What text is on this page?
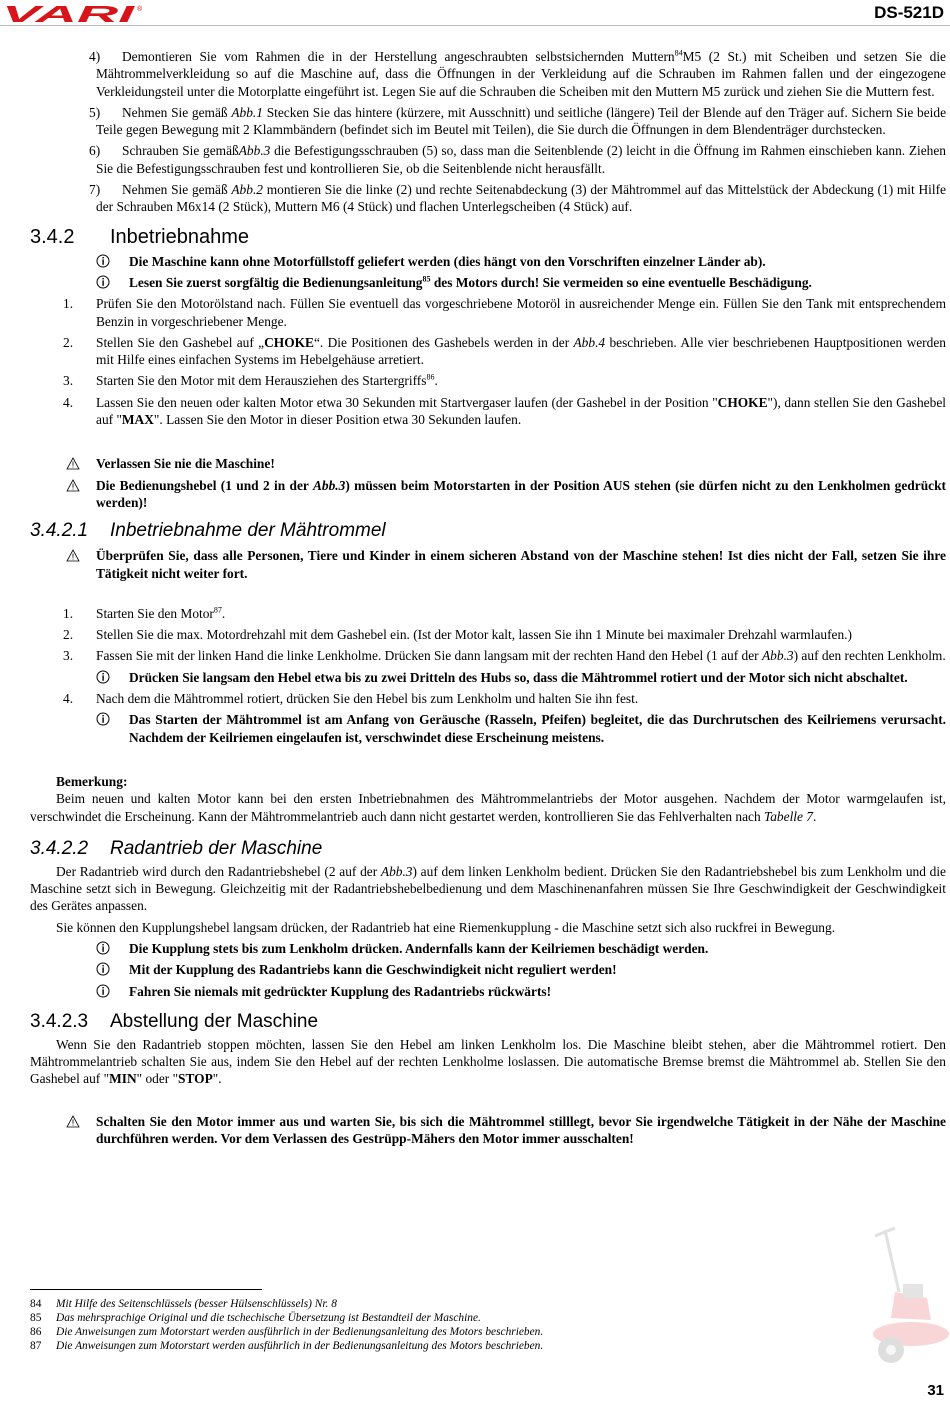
VARI ®	DS-521D
4) Demontieren Sie vom Rahmen die in der Herstellung angeschraubten selbstsichernden Muttern$^{84}$M5 (2 St.) mit Scheiben und setzen Sie die Mähtrommelverkleidung so auf die Maschine auf, dass die Öffnungen in der Verkleidung auf die Schrauben im Rahmen fallen und der eingezogene Verkleidungsteil unter die Motorplatte eingeführt ist. Legen Sie auf die Schrauben die Scheiben mit den Muttern M5 zurück und ziehen Sie die Muttern fest.
5) Nehmen Sie gemäß Abb.1 Stecken Sie das hintere (kürzere, mit Ausschnitt) und seitliche (längere) Teil der Blende auf den Träger auf. Sichern Sie beide Teile gegen Bewegung mit 2 Klammbändern (befindet sich im Beutel mit Teilen), die Sie durch die Öffnungen in dem Blendenträger durchstecken.
6) Schrauben Sie gemäßAbb.3 die Befestigungsschrauben (5) so, dass man die Seitenblende (2) leicht in die Öffnung im Rahmen einschieben kann. Ziehen Sie die Befestigungsschrauben fest und kontrollieren Sie, ob die Seitenblende nicht herausfällt.
7) Nehmen Sie gemäß Abb.2 montieren Sie die linke (2) und rechte Seitenabdeckung (3) der Mähtrommel auf das Mittelstück der Abdeckung (1) mit Hilfe der Schrauben M6x14 (2 Stück), Muttern M6 (4 Stück) und flachen Unterlegscheiben (4 Stück) auf.
3.4.2 Inbetriebnahme
Die Maschine kann ohne Motorfüllstoff geliefert werden (dies hängt von den Vorschriften einzelner Länder ab).
Lesen Sie zuerst sorgfältig die Bedienungsanleitung$^{85}$ des Motors durch! Sie vermeiden so eine eventuelle Beschädigung.
1. Prüfen Sie den Motorölstand nach. Füllen Sie eventuell das vorgeschriebene Motoröl in ausreichender Menge ein. Füllen Sie den Tank mit entsprechendem Benzin in vorgeschriebener Menge.
2. Stellen Sie den Gashebel auf „CHOKE“. Die Positionen des Gashebels werden in der Abb.4 beschrieben. Alle vier beschriebenen Hauptpositionen werden mit Hilfe eines einfachen Systems im Hebelgehäuse arretiert.
3. Starten Sie den Motor mit dem Herausziehen des Startergriffs$^{86}$.
4. Lassen Sie den neuen oder kalten Motor etwa 30 Sekunden mit Startvergaser laufen (der Gashebel in der Position "CHOKE"), dann stellen Sie den Gashebel auf "MAX". Lassen Sie den Motor in dieser Position etwa 30 Sekunden laufen.
Verlassen Sie nie die Maschine!
Die Bedienungshebel (1 und 2 in der Abb.3) müssen beim Motorstarten in der Position AUS stehen (sie dürfen nicht zu den Lenkholmen gedrückt werden)!
3.4.2.1 Inbetriebnahme der Mähtrommel
Überprüfen Sie, dass alle Personen, Tiere und Kinder in einem sicheren Abstand von der Maschine stehen! Ist dies nicht der Fall, setzen Sie ihre Tätigkeit nicht weiter fort.
1. Starten Sie den Motor$^{87}$.
2. Stellen Sie die max. Motordrehzahl mit dem Gashebel ein. (Ist der Motor kalt, lassen Sie ihn 1 Minute bei maximaler Drehzahl warmlaufen.)
3. Fassen Sie mit der linken Hand die linke Lenkholme. Drücken Sie dann langsam mit der rechten Hand den Hebel (1 auf der Abb.3) auf den rechten Lenkholm.
Drücken Sie langsam den Hebel etwa bis zu zwei Dritteln des Hubs so, dass die Mähtrommel rotiert und der Motor sich nicht abschaltet.
4. Nach dem die Mähtrommel rotiert, drücken Sie den Hebel bis zum Lenkholm und halten Sie ihn fest.
Das Starten der Mähtrommel ist am Anfang von Geräusche (Rasseln, Pfeifen) begleitet, die das Durchrutschen des Keilriemens verursacht. Nachdem der Keilriemen eingelaufen ist, verschwindet diese Erscheinung meistens.

Bemerkung:

Beim neuen und kalten Motor kann bei den ersten Inbetriebnahmen des Mähtrommelantriebs der Motor ausgehen. Nachdem der Motor warmgelaufen ist, verschwindet die Erscheinung. Kann der Mähtrommelantrieb auch dann nicht gestartet werden, kontrollieren Sie das Fehlverhalten nach Tabelle 7.

3.4.2.2 Radantrieb der Maschine

Der Radantrieb wird durch den Radantriebshebel (2 auf der Abb.3) auf dem linken Lenkholm bedient. Drücken Sie den Radantriebshebel bis zum Lenkholm und die Maschine setzt sich in Bewegung. Gleichzeitig mit der Radantriebshebelbedienung und dem Maschinenanfahren müssen Sie Ihre Geschwindigkeit der Geschwindigkeit des Gerätes anpassen.

Sie können den Kupplungshebel langsam drücken, der Radantrieb hat eine Riemenkupplung - die Maschine setzt sich also ruckfrei in Bewegung.

Die Kupplung stets bis zum Lenkholm drücken. Andernfalls kann der Keilriemen beschädigt werden.
Mit der Kupplung des Radantriebs kann die Geschwindigkeit nicht reguliert werden!
Fahren Sie niemals mit gedrückter Kupplung des Radantriebs rückwärts!
3.4.2.3 Abstellung der Maschine

Wenn Sie den Radantrieb stoppen möchten, lassen Sie den Hebel am linken Lenkholm los. Die Maschine bleibt stehen, aber die Mähtrommel rotiert. Den Mähtrommelantrieb schalten Sie aus, indem Sie den Hebel auf der rechten Lenkholme loslassen. Die automatische Bremse bremst die Mähtrommel ab. Stellen Sie den Gashebel auf "MIN" oder "STOP".

Schalten Sie den Motor immer aus und warten Sie, bis sich die Mähtrommel stilllegt, bevor Sie irgendwelche Tätigkeit in der Nähe der Maschine durchführen werden. Vor dem Verlassen des Gestrüpp-Mähers den Motor immer ausschalten!
84 Mit Hilfe des Seitenschlüssels (besser Hülsenschlüssels) Nr. 8
85 Das mehrsprachige Original und die tschechische Übersetzung ist Bestandteil der Maschine.
86 Die Anweisungen zum Motorstart werden ausführlich in der Bedienungsanleitung des Motors beschrieben.
87 Die Anweisungen zum Motorstart werden ausführlich in der Bedienungsanleitung des Motors beschrieben.
31
